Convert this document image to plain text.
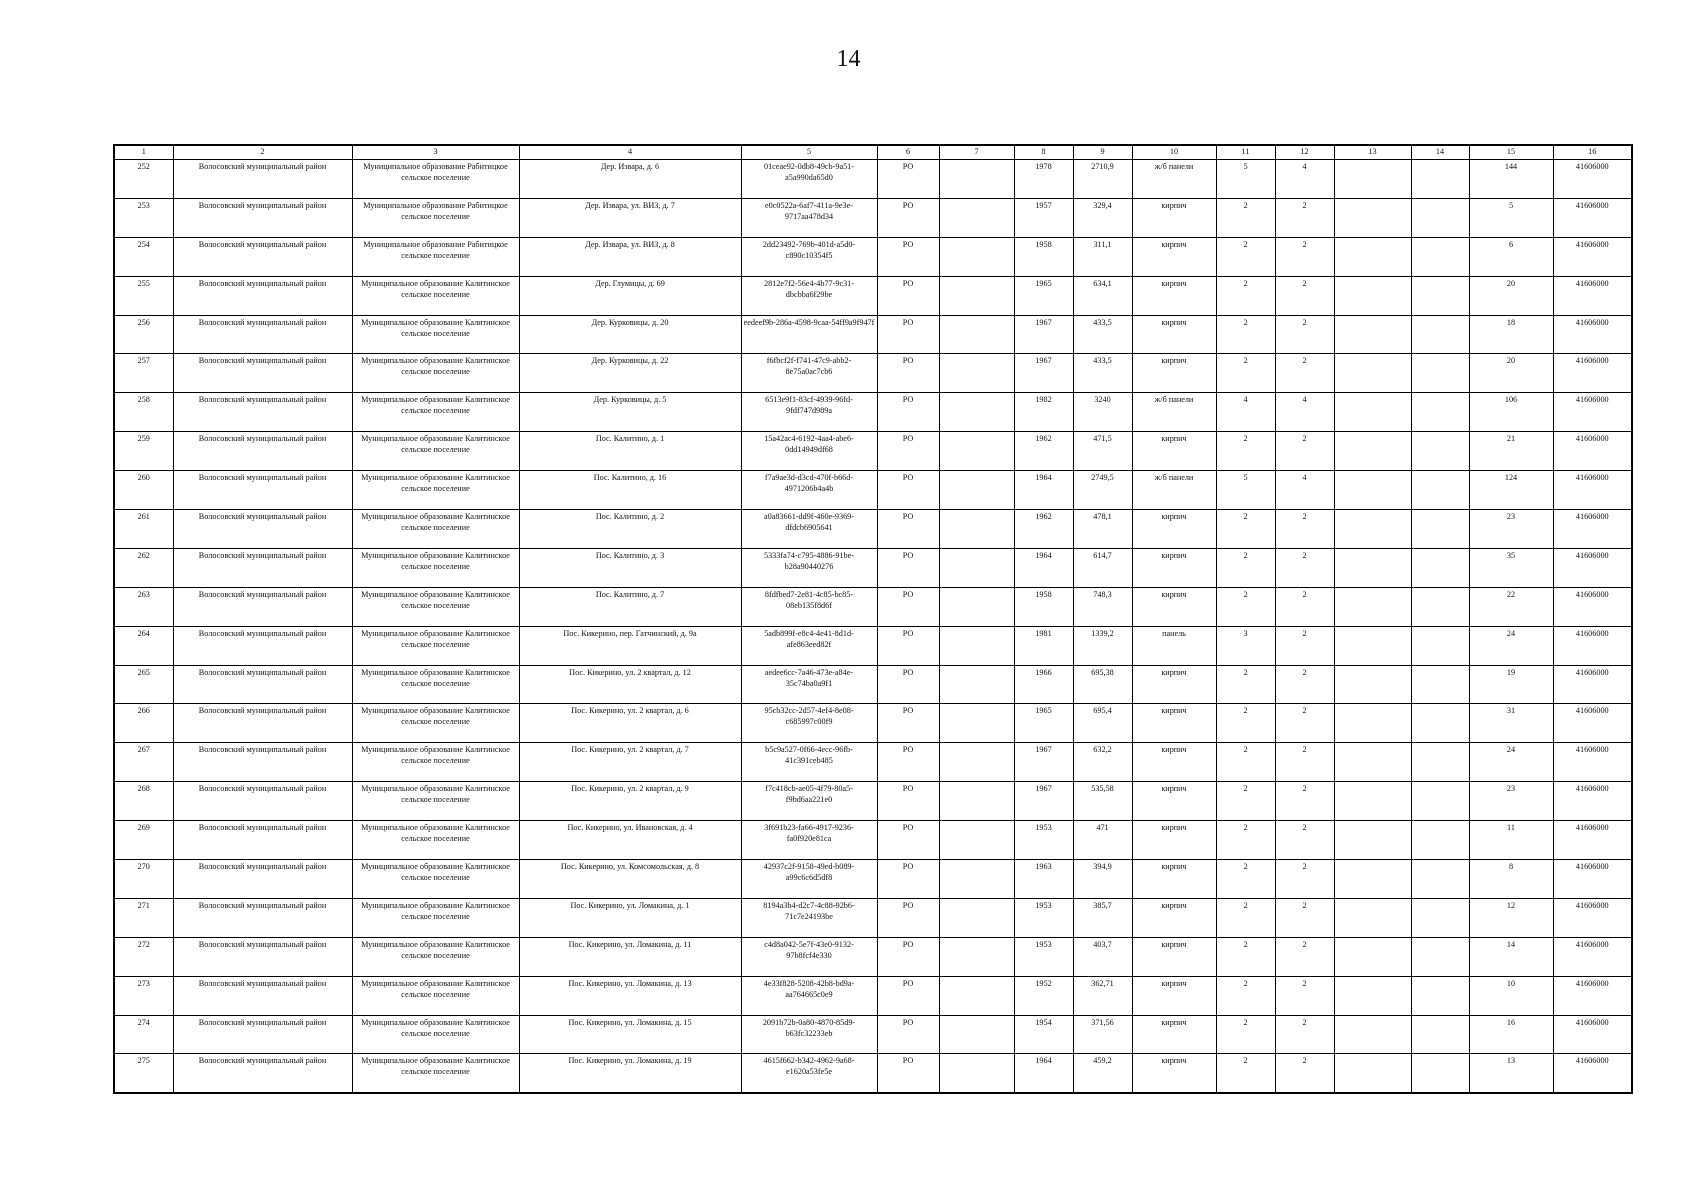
14
1	2	3	4	5	6	7	8	9	10	11	12	13	14	15	16
252	Волосовский муниципальный район	Муниципальное образование Рабитицкое сельское поселение	Дер. Извара, д. 6	01ceae92-0db8-49cb-9a51-a5a990da65d0	РО		1978	2710,9	ж/б панели	5	4			144	41606000
253	Волосовский муниципальный район	Муниципальное образование Рабитицкое сельское поселение	Дер. Извара, ул. ВИЗ, д. 7	e0c0522a-6af7-411a-9e3e-9717aa478d34	РО		1957	329,4	кирпич	2	2			5	41606000
254	Волосовский муниципальный район	Муниципальное образование Рабитицкое сельское поселение	Дер. Извара, ул. ВИЗ, д. 8	2dd23492-769b-401d-a5d0-c890c10354f5	РО		1958	311,1	кирпич	2	2			6	41606000
255	Волосовский муниципальный район	Муниципальное образование Калитинское сельское поселение	Дер. Глумицы, д. 69	2812e7f2-56e4-4b77-9c31-dbcbba6f29be	РО		1965	634,1	кирпич	2	2			20	41606000
256	Волосовский муниципальный район	Муниципальное образование Калитинское сельское поселение	Дер. Курковицы, д. 20	eedeef9b-286a-4598-9caa-54ff9a9f947f	РО		1967	433,5	кирпич	2	2			18	41606000
257	Волосовский муниципальный район	Муниципальное образование Калитинское сельское поселение	Дер. Курковицы, д. 22	f6fbcf2f-f741-47c9-abb2-8e75a0ac7cb6	РО		1967	433,5	кирпич	2	2			20	41606000
258	Волосовский муниципальный район	Муниципальное образование Калитинское сельское поселение	Дер. Курковицы, д. 5	6513e9f1-83cf-4939-96fd-9fdf747d989a	РО		1982	3240	ж/б панели	4	4			106	41606000
259	Волосовский муниципальный район	Муниципальное образование Калитинское сельское поселение	Пос. Калитино, д. 1	15a42ac4-6192-4aa4-abe6-0dd14949df68	РО		1962	471,5	кирпич	2	2			21	41606000
260	Волосовский муниципальный район	Муниципальное образование Калитинское сельское поселение	Пос. Калитино, д. 16	f7a9ae3d-d3cd-470f-b66d-4971206b4a4b	РО		1964	2749,5	ж/б панели	5	4			124	41606000
261	Волосовский муниципальный район	Муниципальное образование Калитинское сельское поселение	Пос. Калитино, д. 2	a0a83661-dd9f-460e-9369-dfdcb6905641	РО		1962	478,1	кирпич	2	2			23	41606000
262	Волосовский муниципальный район	Муниципальное образование Калитинское сельское поселение	Пос. Калитино, д. 3	5333fa74-c795-4886-91be-b28a90440276	РО		1964	614,7	кирпич	2	2			35	41606000
263	Волосовский муниципальный район	Муниципальное образование Калитинское сельское поселение	Пос. Калитино, д. 7	8fdfbed7-2e81-4c85-bc85-08eb135f8d6f	РО		1958	748,3	кирпич	2	2			22	41606000
264	Волосовский муниципальный район	Муниципальное образование Калитинское сельское поселение	Пос. Кикерино, пер. Гатчинский, д. 9а	5adb899f-e8c4-4e41-8d1d-afe863eed82f	РО		1981	1339,2	панель	3	2			24	41606000
265	Волосовский муниципальный район	Муниципальное образование Калитинское сельское поселение	Пос. Кикерино, ул. 2 квартал, д. 12	aedee6cc-7a46-473e-a84e-35c74ba0a9f1	РО		1966	695,38	кирпич	2	2			19	41606000
266	Волосовский муниципальный район	Муниципальное образование Калитинское сельское поселение	Пос. Кикерино, ул. 2 квартал, д. 6	95cb32cc-2d57-4ef4-8e08-c685997c00f9	РО		1965	695,4	кирпич	2	2			31	41606000
267	Волосовский муниципальный район	Муниципальное образование Калитинское сельское поселение	Пос. Кикерино, ул. 2 квартал, д. 7	b5c9a527-0f66-4ecc-96fb-41c391ceb485	РО		1967	632,2	кирпич	2	2			24	41606000
268	Волосовский муниципальный район	Муниципальное образование Калитинское сельское поселение	Пос. Кикерино, ул. 2 квартал, д. 9	f7c418cb-ae05-4f79-80a5-f9bd6aa221e0	РО		1967	535,58	кирпич	2	2			23	41606000
269	Волосовский муниципальный район	Муниципальное образование Калитинское сельское поселение	Пос. Кикерино, ул. Ивановская, д. 4	3f691b23-fa66-4917-9236-fa0f920e81ca	РО		1953	471	кирпич	2	2			11	41606000
270	Волосовский муниципальный район	Муниципальное образование Калитинское сельское поселение	Пос. Кикерино, ул. Комсомольская, д. 8	42937c2f-9158-49ed-b089-a99c6c6d5df8	РО		1963	394,9	кирпич	2	2			8	41606000
271	Волосовский муниципальный район	Муниципальное образование Калитинское сельское поселение	Пос. Кикерино, ул. Ломакина, д. 1	8194a3b4-d2c7-4c88-92b6-71c7e24193be	РО		1953	385,7	кирпич	2	2			12	41606000
272	Волосовский муниципальный район	Муниципальное образование Калитинское сельское поселение	Пос. Кикерино, ул. Ломакина, д. 11	c4d8a042-5e7f-43e0-9132-97b8fcf4e330	РО		1953	403,7	кирпич	2	2			14	41606000
273	Волосовский муниципальный район	Муниципальное образование Калитинское сельское поселение	Пос. Кикерино, ул. Ломакина, д. 13	4e33f828-5208-42b8-bd9a-aa764665c0e9	РО		1952	362,71	кирпич	2	2			10	41606000
274	Волосовский муниципальный район	Муниципальное образование Калитинское сельское поселение	Пос. Кикерино, ул. Ломакина, д. 15	2091b72b-0a80-4870-85d9-b63fc32233eb	РО		1954	371,56	кирпич	2	2			16	41606000
275	Волосовский муниципальный район	Муниципальное образование Калитинское сельское поселение	Пос. Кикерино, ул. Ломакина, д. 19	4615f662-b342-4962-9a68-e1620a53fe5e	РО		1964	459,2	кирпич	2	2			13	41606000
